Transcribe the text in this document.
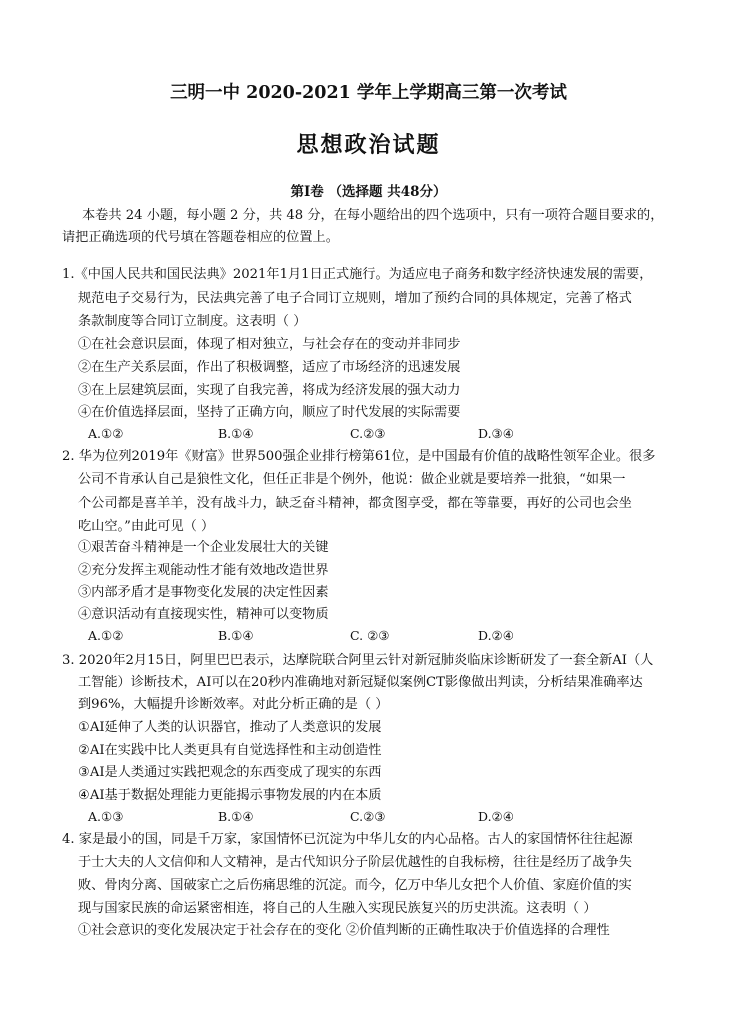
三明一中 2020-2021 学年上学期高三第一次考试
思想政治试题
第Ⅰ卷 （选择题 共48分）
本卷共 24 小题，每小题 2 分，共 48 分，在每小题给出的四个选项中，只有一项符合题目要求的，
请把正确选项的代号填在答题卷相应的位置上。
1.《中国人民共和国民法典》2021年1月1日正式施行。为适应电子商务和数字经济快速发展的需要，
规范电子交易行为，民法典完善了电子合同订立规则，增加了预约合同的具体规定，完善了格式
条款制度等合同订立制度。这表明（ ）
①在社会意识层面，体现了相对独立，与社会存在的变动并非同步
②在生产关系层面，作出了积极调整，适应了市场经济的迅速发展
③在上层建筑层面，实现了自我完善，将成为经济发展的强大动力
④在价值选择层面，坚持了正确方向，顺应了时代发展的实际需要
A.①②	B.①④	C.②③	D.③④
2. 华为位列2019年《财富》世界500强企业排行榜第61位，是中国最有价值的战略性领军企业。很多
公司不肯承认自己是狼性文化，但任正非是个例外，他说：做企业就是要培养一批狼，“如果一
个公司都是喜羊羊，没有战斗力，缺乏奋斗精神，都贪图享受，都在等靠要，再好的公司也会坐
吃山空。”由此可见（ ）
①艰苦奋斗精神是一个企业发展壮大的关键
②充分发挥主观能动性才能有效地改造世界
③内部矛盾才是事物变化发展的决定性因素
④意识活动有直接现实性，精神可以变物质
A.①②	B.①④	C. ②③	D.②④
3. 2020年2月15日，阿里巴巴表示，达摩院联合阿里云针对新冠肺炎临床诊断研发了一套全新AI（人
工智能）诊断技术，AI可以在20秒内准确地对新冠疑似案例CT影像做出判读，分析结果准确率达
到96%，大幅提升诊断效率。对此分析正确的是（ ）
①AI延伸了人类的认识器官，推动了人类意识的发展
②AI在实践中比人类更具有自觉选择性和主动创造性
③AI是人类通过实践把观念的东西变成了现实的东西
④AI基于数据处理能力更能揭示事物发展的内在本质
A.①③	B.①④	C.②③	D.②④
4. 家是最小的国，同是千万家，家国情怀已沉淀为中华儿女的内心品格。古人的家国情怀往往起源
于士大夫的人文信仰和人文精神，是古代知识分子阶层优越性的自我标榜，往往是经历了战争失
败、骨肉分离、国破家亡之后伤痛思维的沉淀。而今，亿万中华儿女把个人价值、家庭价值的实
现与国家民族的命运紧密相连，将自己的人生融入实现民族复兴的历史洪流。这表明（ ）
①社会意识的变化发展决定于社会存在的变化 ②价值判断的正确性取决于价值选择的合理性
